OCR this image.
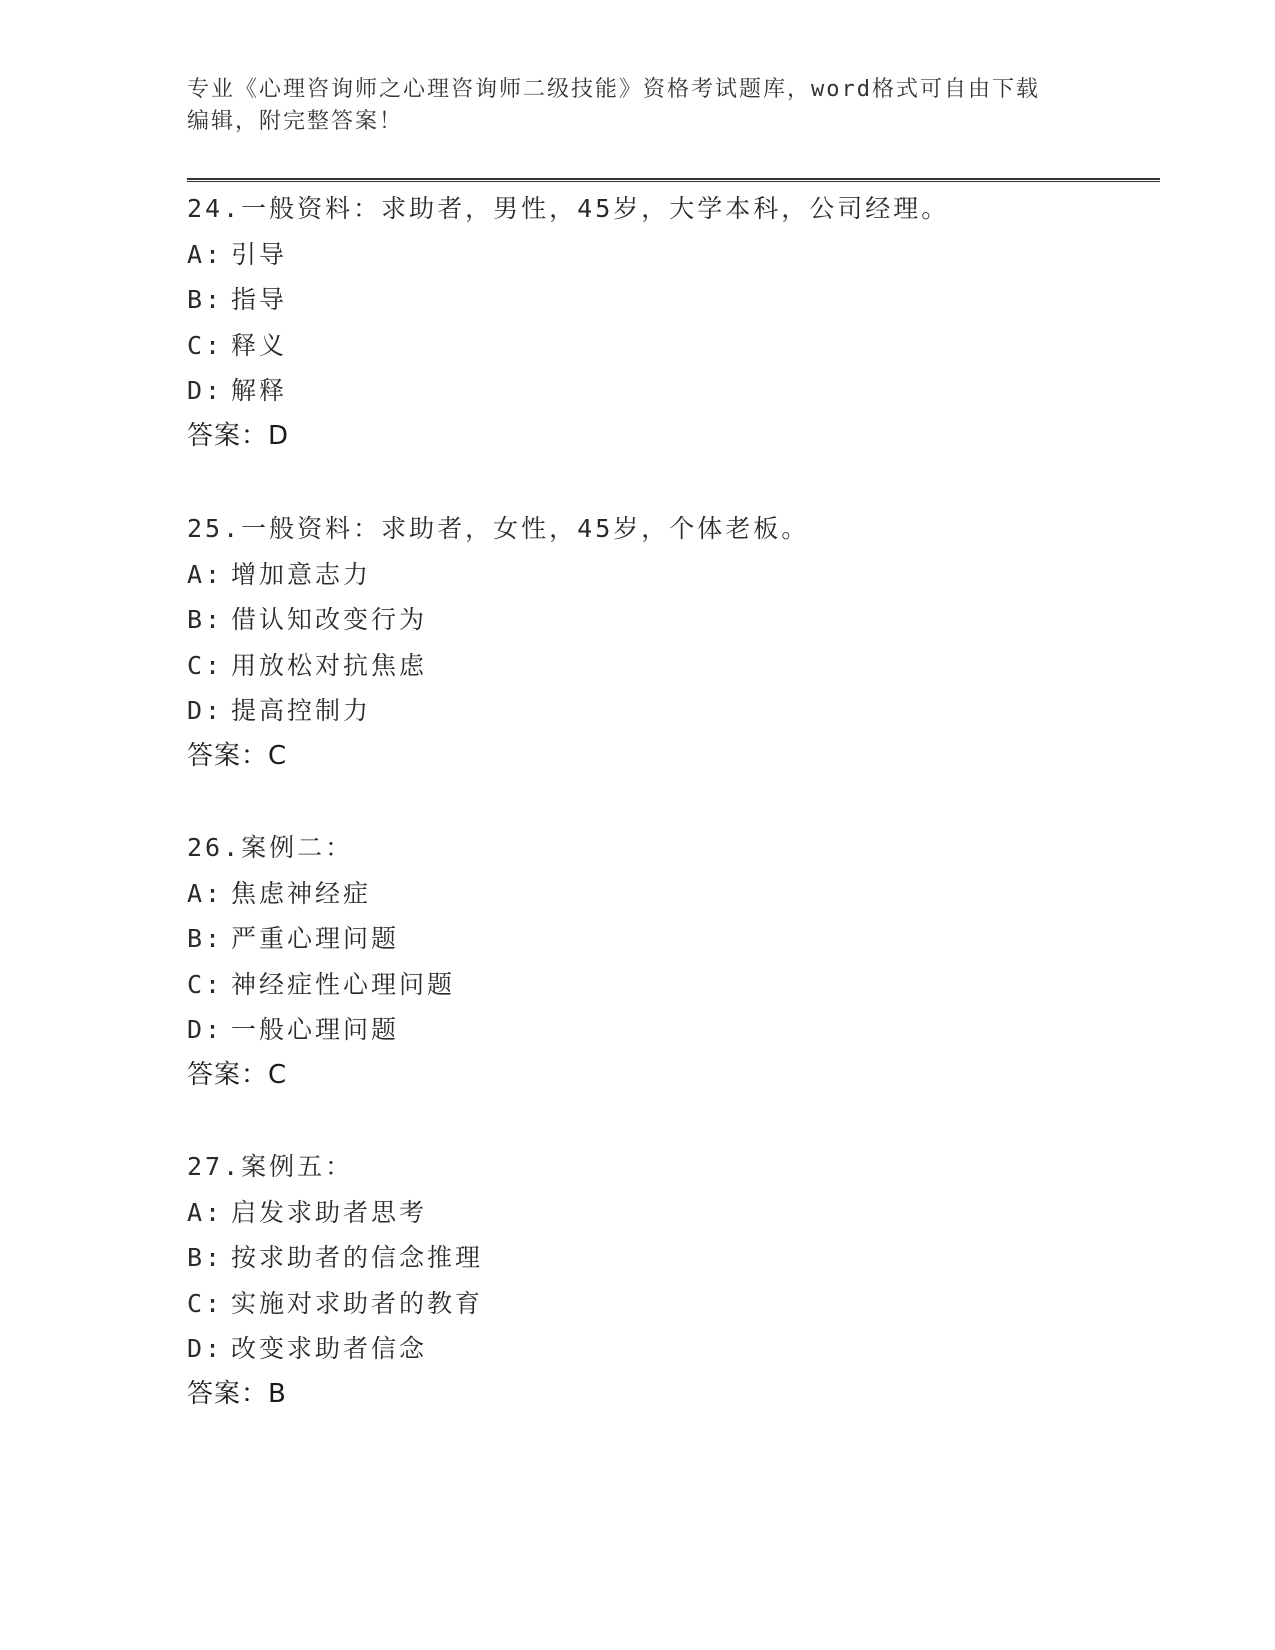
专业《心理咨询师之心理咨询师二级技能》资格考试题库，word格式可自由下载
编辑，附完整答案！
24.一般资料：求助者，男性，45岁，大学本科，公司经理。
A: 引导
B: 指导
C: 释义
D: 解释
答案：D
25.一般资料：求助者，女性，45岁，个体老板。
A: 增加意志力
B: 借认知改变行为
C: 用放松对抗焦虑
D: 提高控制力
答案：C
26.案例二：
A: 焦虑神经症
B: 严重心理问题
C: 神经症性心理问题
D: 一般心理问题
答案：C
27.案例五：
A: 启发求助者思考
B: 按求助者的信念推理
C: 实施对求助者的教育
D: 改变求助者信念
答案：B
